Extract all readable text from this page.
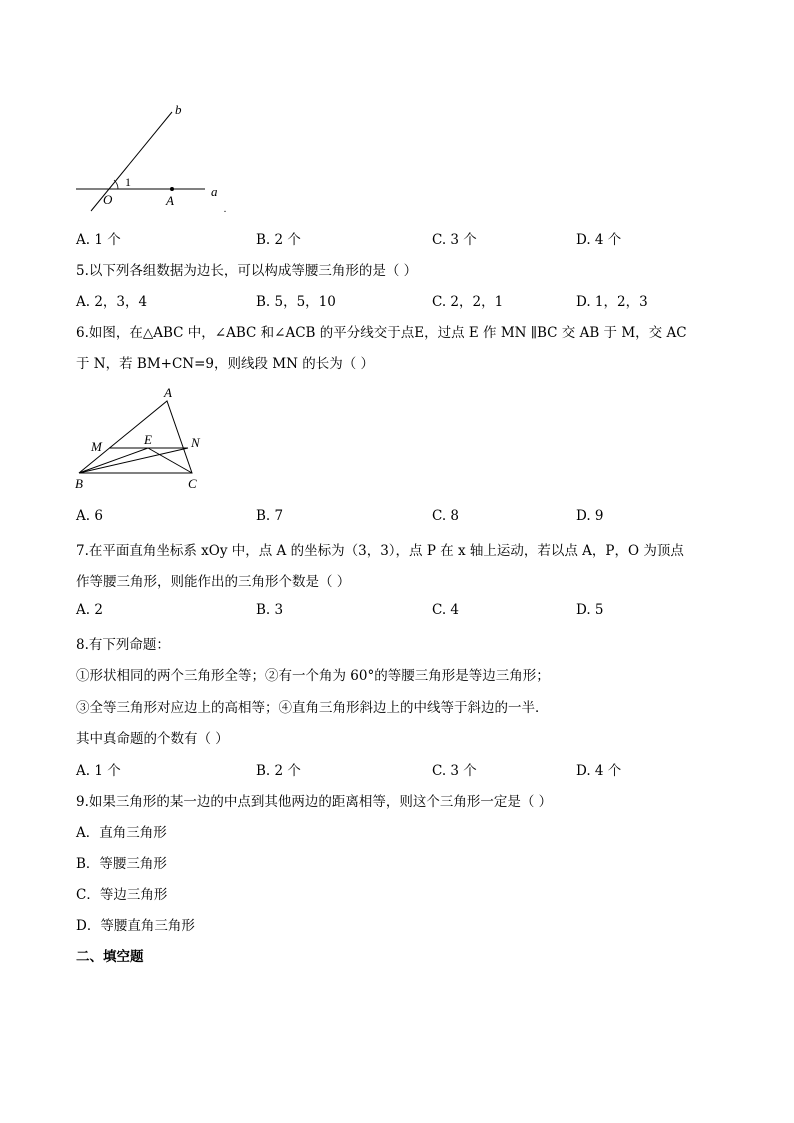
b
a
O	A
1
.
A. 1 个	B. 2 个	C. 3 个	D. 4 个
5.以下列各组数据为边长，可以构成等腰三角形的是（ ）
A. 2，3，4	B. 5，5，10	C. 2，2，1	D. 1，2，3
6.如图，在△ABC 中，∠ABC 和∠ACB 的平分线交于点E，过点 E 作 MN ∥BC 交 AB 于 M，交 AC
于 N，若 BM+CN=9，则线段 MN 的长为（ ）
A
M	E	N
B	C
A. 6	B. 7	C. 8	D. 9
7.在平面直角坐标系 xOy 中，点 A 的坐标为（3，3），点 P 在 x 轴上运动，若以点 A，P，O 为顶点
作等腰三角形，则能作出的三角形个数是（ ）
A. 2	B. 3	C. 4	D. 5
8.有下列命题：
①形状相同的两个三角形全等；②有一个角为 60°的等腰三角形是等边三角形；
③全等三角形对应边上的高相等；④直角三角形斜边上的中线等于斜边的一半．
其中真命题的个数有（ ）
A. 1 个	B. 2 个	C. 3 个	D. 4 个
9.如果三角形的某一边的中点到其他两边的距离相等，则这个三角形一定是（ ）
A．直角三角形
B．等腰三角形
C．等边三角形
D．等腰直角三角形
二、填空题
